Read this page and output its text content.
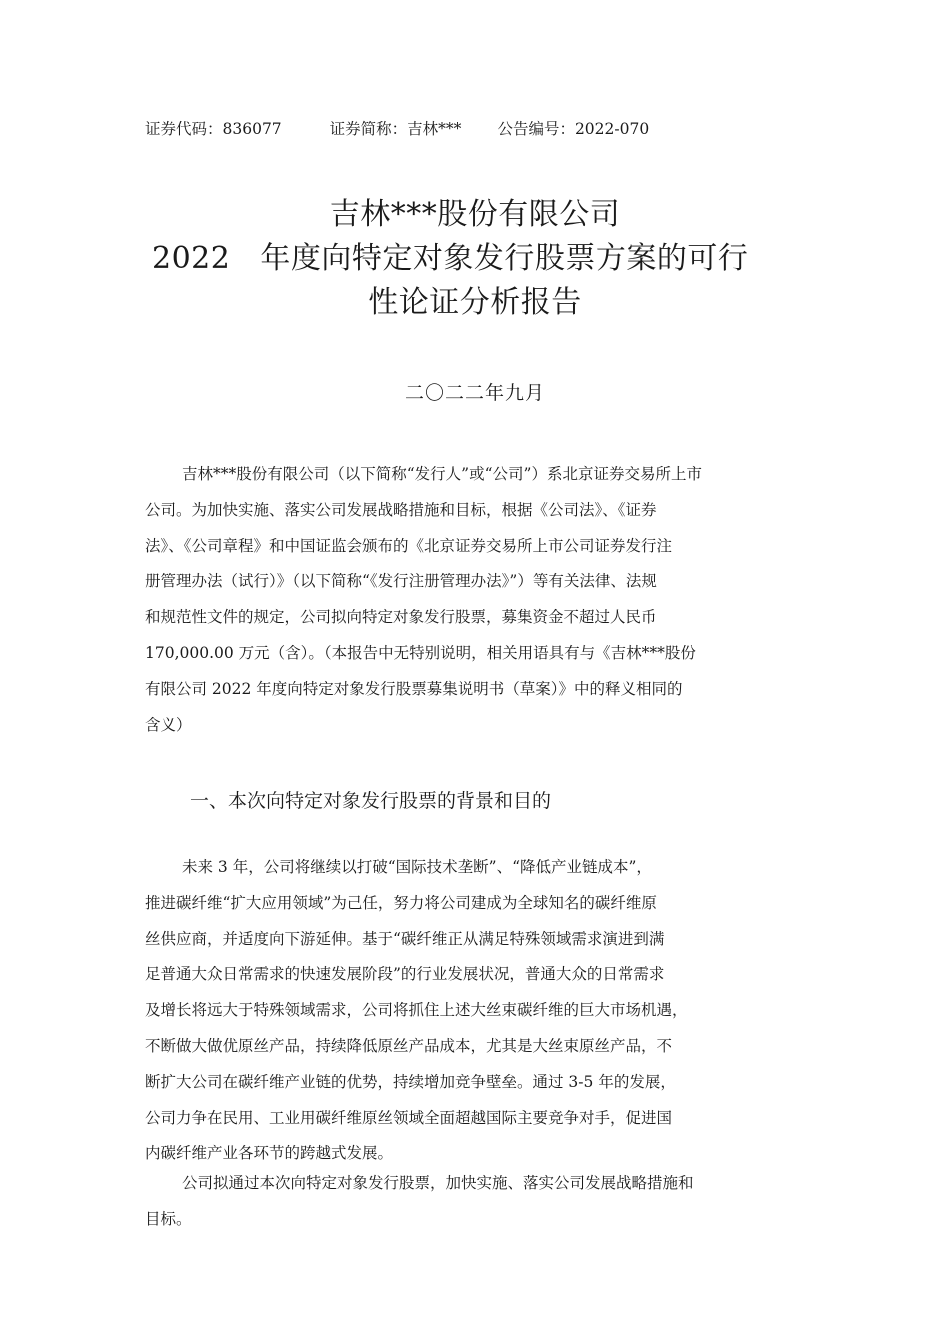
证券代码：836077	证券简称：吉林*** 公告编号：2022-070
吉林***股份有限公司
2022 年度向特定对象发行股票方案的可行
性论证分析报告
二〇二二年九月
吉林***股份有限公司（以下简称“发行人”或“公司”）系北京证券交易所上市
公司。为加快实施、落实公司发展战略措施和目标，根据《公司法》、《证券
法》、《公司章程》和中国证监会颁布的《北京证券交易所上市公司证券发行注
册管理办法（试行）》（以下简称“《发行注册管理办法》”）等有关法律、法规
和规范性文件的规定，公司拟向特定对象发行股票，募集资金不超过人民币
170,000.00 万元（含）。（本报告中无特别说明，相关用语具有与《吉林***股份
有限公司 2022 年度向特定对象发行股票募集说明书（草案）》中的释义相同的
含义）
一、本次向特定对象发行股票的背景和目的
未来 3 年，公司将继续以打破“国际技术垄断”、“降低产业链成本”，
推进碳纤维“扩大应用领域”为己任，努力将公司建成为全球知名的碳纤维原
丝供应商，并适度向下游延伸。基于“碳纤维正从满足特殊领域需求演进到满
足普通大众日常需求的快速发展阶段”的行业发展状况，普通大众的日常需求
及增长将远大于特殊领域需求，公司将抓住上述大丝束碳纤维的巨大市场机遇，
不断做大做优原丝产品，持续降低原丝产品成本，尤其是大丝束原丝产品，不
断扩大公司在碳纤维产业链的优势，持续增加竞争壁垒。通过 3-5 年的发展，
公司力争在民用、工业用碳纤维原丝领域全面超越国际主要竞争对手，促进国
内碳纤维产业各环节的跨越式发展。
公司拟通过本次向特定对象发行股票，加快实施、落实公司发展战略措施和
目标。
